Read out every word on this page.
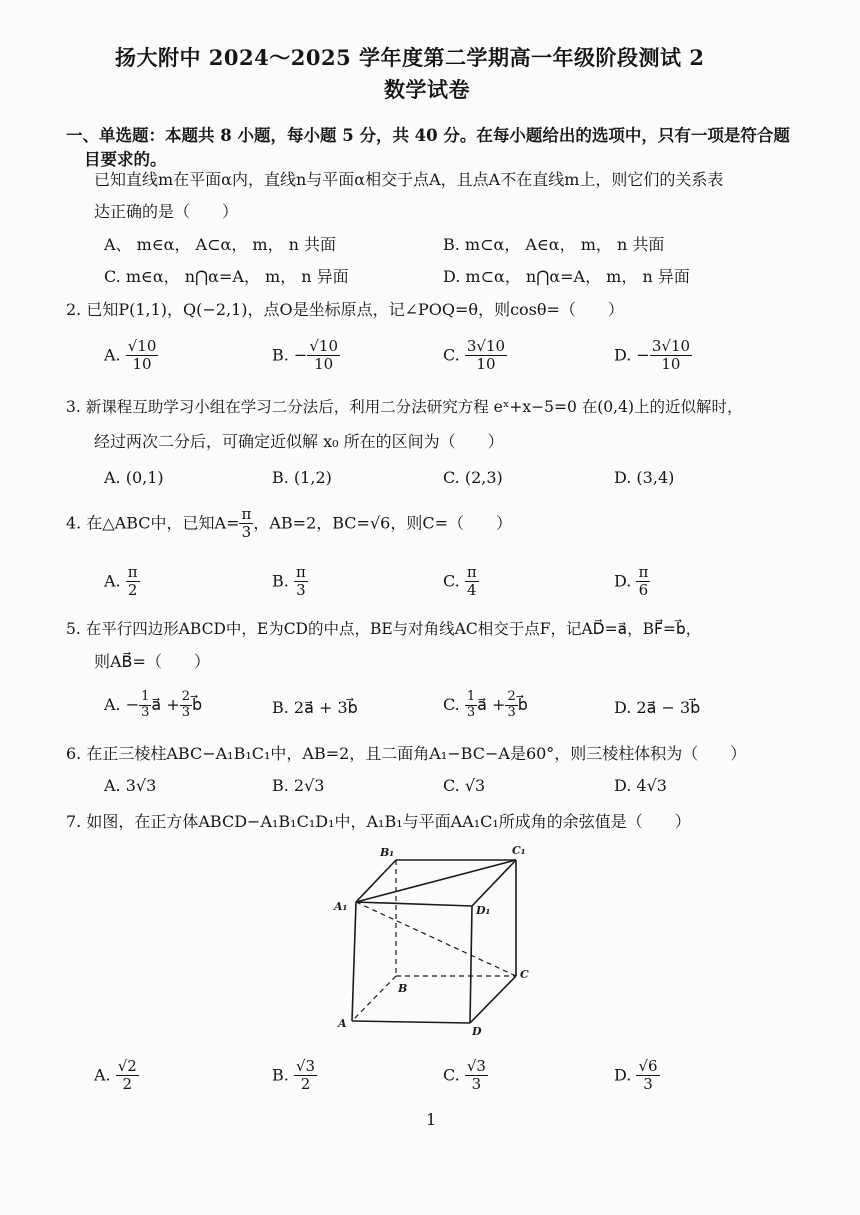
扬大附中 2024～2025 学年度第二学期高一年级阶段测试 2
数学试卷
一、单选题：本题共 8 小题，每小题 5 分，共 40 分。在每小题给出的选项中，只有一项是符合题
目要求的。
已知直线m在平面α内，直线n与平面α相交于点A，且点A不在直线m上，则它们的关系表
达正确的是（　　）
A、 m∈α， A⊂α， m， n 共面	B. m⊂α， A∈α， m， n 共面
C. m∈α， n⋂α=A， m， n 异面	D. m⊂α， n⋂α=A， m， n 异面
2. 已知P(1,1)，Q(−2,1)，点O是坐标原点，记∠POQ=θ，则cosθ=（　　）
A. $\frac{√10}{10}$	B. − $\frac{√10}{10}$	C. $\frac{3√10}{10}$	D. − $\frac{3√10}{10}$
3. 新课程互助学习小组在学习二分法后，利用二分法研究方程 eˣ+x−5=0 在(0,4)上的近似解时，
经过两次二分后，可确定近似解 x₀ 所在的区间为（　　）
A. (0,1)	B. (1,2)	C. (2,3)	D. (3,4)
4. 在△ABC中，已知$A= \frac{\pi}{3}$ ，AB=2，BC=√6，则C=（　　）
A. $\frac{\pi}{2}$	B. $\frac{\pi}{3}$	C. $\frac{\pi}{4}$	D. $\frac{\pi}{6}$
5. 在平行四边形ABCD中，E为CD的中点，BE与对角线AC相交于点F，记AD⃗=a⃗，BF⃗=b⃗，
则AB⃗=（　　）
A. − $\frac{1}{3}$ a⃗ + $\frac{2}{3}$ b⃗	B. 2a⃗ + 3b⃗	C. $\frac{1}{3}$ a⃗ + $\frac{2}{3}$ b⃗	D. 2a⃗ − 3b⃗
6. 在正三棱柱ABC−A₁B₁C₁中，AB=2，且二面角A₁−BC−A是60°，则三棱柱体积为（　　）
A. 3√3	B. 2√3	C. √3	D. 4√3
7. 如图，在正方体ABCD−A₁B₁C₁D₁中，A₁B₁与平面AA₁C₁所成角的余弦值是（　　）
B₁	C₁
A₁	D₁
C
B
A
D
A. $\frac{√2}{2}$	B. $\frac{√3}{2}$	C. $\frac{√3}{3}$	D. $\frac{√6}{3}$
1
